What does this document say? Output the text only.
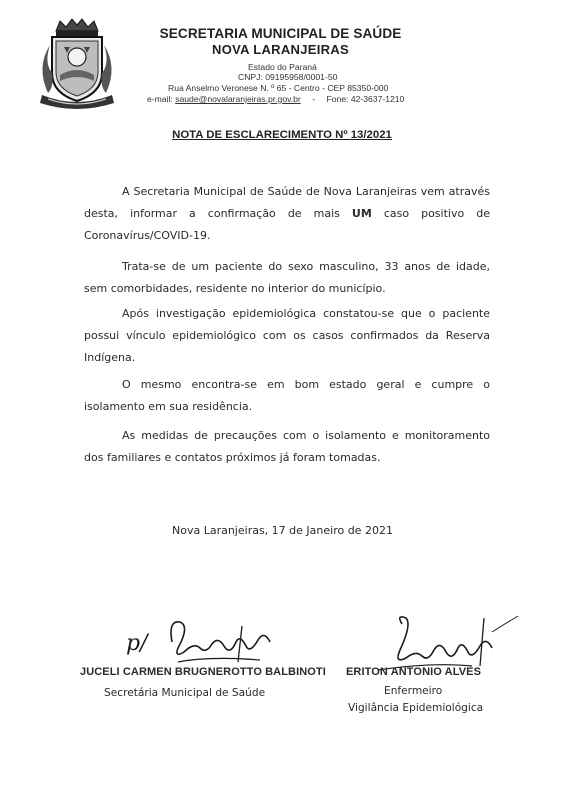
SECRETARIA MUNICIPAL DE SAÚDE
NOVA LARANJEIRAS
Estado do Paraná
CNPJ: 09195958/0001-50
Rua Anselmo Veronese N. º 65 - Centro - CEP 85350-000
e-mail: saude@novalaranjeiras.pr.gov.br - Fone: 42-3637-1210
NOTA DE ESCLARECIMENTO Nº 13/2021

A Secretaria Municipal de Saúde de Nova Laranjeiras vem através desta, informar a confirmação de mais UM caso positivo de Coronavírus/COVID-19.

Trata-se de um paciente do sexo masculino, 33 anos de idade, sem comorbidades, residente no interior do município.

Após investigação epidemiológica constatou-se que o paciente possui vínculo epidemiológico com os casos confirmados da Reserva Indígena.

O mesmo encontra-se em bom estado geral e cumpre o isolamento em sua residência.

As medidas de precauções com o isolamento e monitoramento dos familiares e contatos próximos já foram tomadas.

Nova Laranjeiras, 17 de Janeiro de 2021
p/
JUCELI CARMEN BRUGNEROTTO BALBINOTI
Secretária Municipal de Saúde
ERITON ANTONIO ALVES
Enfermeiro
Vigilância Epidemiológica
